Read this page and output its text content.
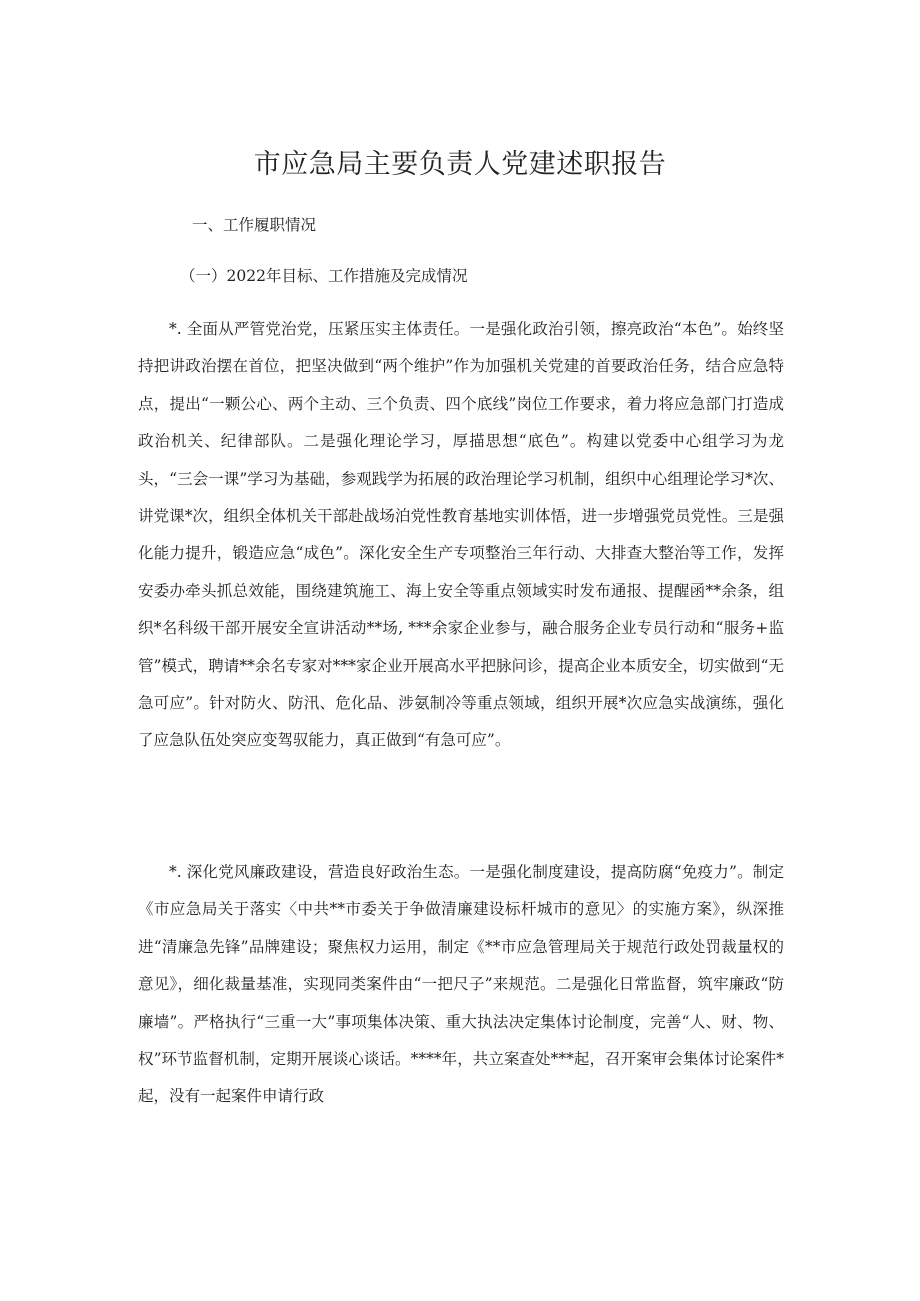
市应急局主要负责人党建述职报告
一、工作履职情况
（一）2022年目标、工作措施及完成情况

*. 全面从严管党治党，压紧压实主体责任。一是强化政治引领，擦亮政治“本色”。始终坚持把讲政治摆在首位，把坚决做到“两个维护”作为加强机关党建的首要政治任务，结合应急特点，提出“一颗公心、两个主动、三个负责、四个底线”岗位工作要求，着力将应急部门打造成政治机关、纪律部队。二是强化理论学习，厚描思想“底色”。构建以党委中心组学习为龙头，“三会一课”学习为基础，参观践学为拓展的政治理论学习机制，组织中心组理论学习*次、讲党课*次，组织全体机关干部赴战场泊党性教育基地实训体悟，进一步增强党员党性。三是强化能力提升，锻造应急“成色”。深化安全生产专项整治三年行动、大排查大整治等工作，发挥安委办牵头抓总效能，围绕建筑施工、海上安全等重点领域实时发布通报、提醒函**余条，组织*名科级干部开展安全宣讲活动**场, ***余家企业参与，融合服务企业专员行动和“服务+监管”模式，聘请**余名专家对***家企业开展高水平把脉问诊，提高企业本质安全，切实做到“无急可应”。针对防火、防汛、危化品、涉氨制冷等重点领域，组织开展*次应急实战演练，强化了应急队伍处突应变驾驭能力，真正做到“有急可应”。

*. 深化党风廉政建设，营造良好政治生态。一是强化制度建设，提高防腐“免疫力”。制定《市应急局关于落实〈中共**市委关于争做清廉建设标杆城市的意见〉的实施方案》，纵深推进“清廉急先锋”品牌建设；聚焦权力运用，制定《**市应急管理局关于规范行政处罚裁量权的意见》，细化裁量基准，实现同类案件由“一把尺子”来规范。二是强化日常监督，筑牢廉政“防廉墙”。严格执行“三重一大”事项集体决策、重大执法决定集体讨论制度，完善“人、财、物、权”环节监督机制，定期开展谈心谈话。****年，共立案查处***起，召开案审会集体讨论案件*起，没有一起案件申请行政
